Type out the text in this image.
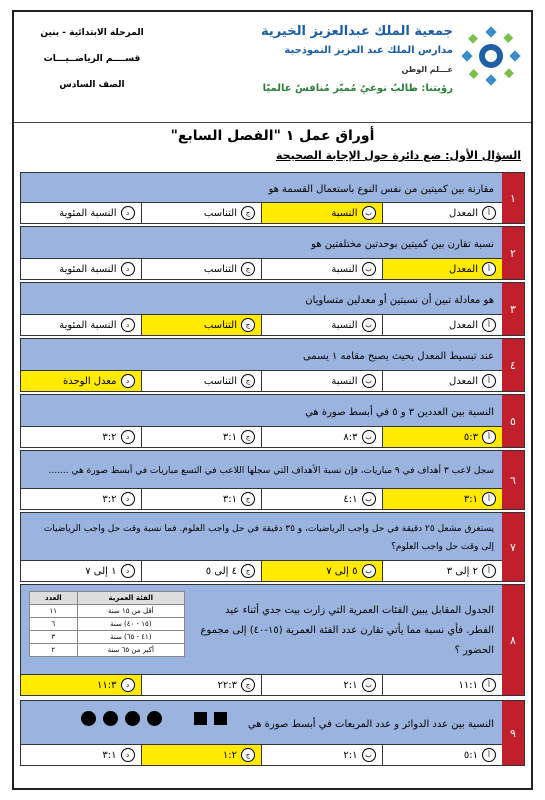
المرحلة الابتدائية - بنين
قســــم الرياضــيـــات
الصف السادس
جمعية الملك عبدالعزيز الخيرية
مدارس الملك عبد العزيز النموذجية
عـــلم الوطن
رؤيتنا: طالبٌ نوعيٌ مُميّز مُنافسٌ عالميًا
أوراق عمل ١ "الفصل السابع"
السؤال الأول: ضع دائرة حول الإجابة الصحيحة
١
مقارنة بين كميتين من نفس النوع باستعمال القسمة هو
أ
المعدل
ب
النسبة
ج
التناسب
د
النسبة المئوية
٢
نسبة تقارن بين كميتين بوحدتين مختلفتين هو
أ
المعدل
ب
النسبة
ج
التناسب
د
النسبة المئوية
٣
هو معادلة تبين أن نسبتين أو معدلين متساويان
أ
المعدل
ب
النسبة
ج
التناسب
د
النسبة المئوية
٤
عند تبسيط المعدل بحيث يصبح مقامه ١ يسمى
أ
المعدل
ب
النسبة
ج
التناسب
د
معدل الوحدة
٥
النسبة بين العددين ٣ و ٥ في أبسط صورة هي
أ
٥:٣
ب
٨:٣
ج
٣:١
د
٣:٢
٦
سجل لاعب ٣ أهداف في ٩ مباريات، فإن نسبة الأهداف التي سجلها اللاعب في التسع مباريات في أبسط صورة هي .......
أ
٣:١
ب
٤:١
ج
٣:١
د
٣:٢
٧
يستغرق مشعل ٢٥ دقيقة في حل واجب الرياضيات، و ٣٥ دقيقة في حل واجب العلوم. فما نسبة وقت حل واجب الرياضيات إلى وقت حل واجب العلوم؟
أ
٢ إلى ٣
ب
٥ إلى ٧
ج
٤ إلى ٥
د
١ إلى ٧
٨
الجدول المقابل يبين الفئات العمرية التي زارت بيت جدي أثناء عيد الفطر. فأي نسبة مما يأتي تقارن عدد الفئة العمرية (١٥-٤٠) إلى مجموع الحضور ؟
الفئة العمرية	العدد
أقل من ١٥ سنة	١١
(١٥ - ٤٠) سنة	٦
(٤١ - ٦٥) سنة	٣
أكبر من ٦٥ سنة	٢
أ
١١:١
ب
٢:١
ج
٢٢:٣
د
١١:٣
٩
النسبة بين عدد الدوائر و عدد المربعات في أبسط صورة هي
أ
٥:١
ب
٢:١
ج
١:٢
د
٣:١
